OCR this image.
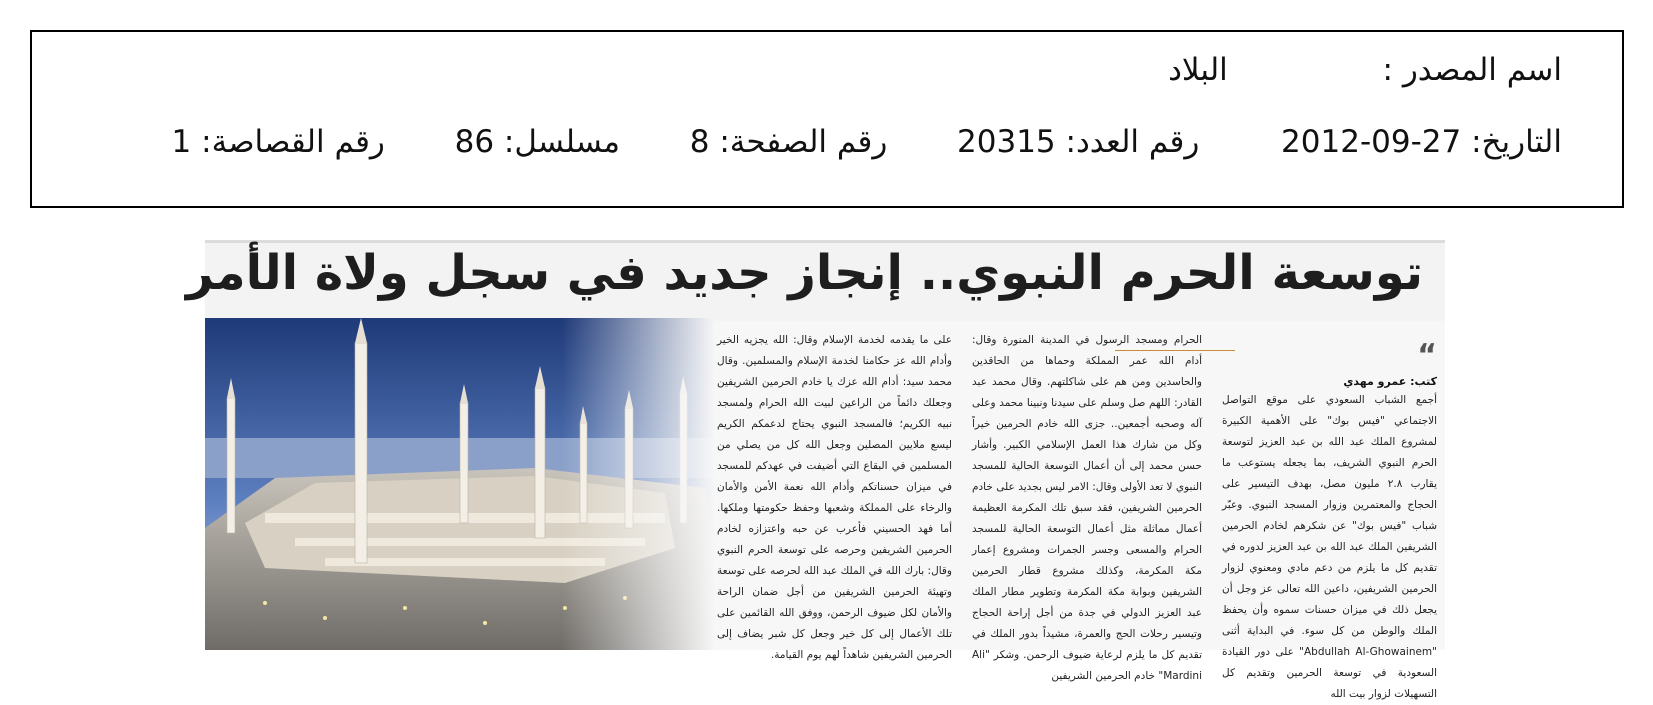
اسم المصدر :  البلاد
التاريخ: 2012-09-27  رقم العدد: 20315  رقم الصفحة: 8  مسلسل: 86  رقم القصاصة: 1
توسعة الحرم النبوي.. إنجاز جديد في سجل ولاة الأمر
“
كتب: عمرو مهدي

أجمع الشباب السعودي على موقع التواصل الاجتماعي "فيس بوك" على الأهمية الكبيرة لمشروع الملك عبد الله بن عبد العزيز لتوسعة الحرم النبوي الشريف، بما يجعله يستوعب ما يقارب ٢.٨ مليون مصل، بهدف التيسير على الحجاج والمعتمرين وزوار المسجد النبوي. وعبّر شباب "فيس بوك" عن شكرهم لخادم الحرمين الشريفين الملك عبد الله بن عبد العزيز لدوره في تقديم كل ما يلزم من دعم مادي ومعنوي لزوار الحرمين الشريفين، داعين الله تعالى عز وجل أن يجعل ذلك في ميزان حسنات سموه وأن يحفظ الملك والوطن من كل سوء. في البداية أثنى "Abdullah Al-Ghowainem" على دور القيادة السعودية في توسعة الحرمين وتقديم كل التسهيلات لزوار بيت الله

الحرام ومسجد الرسول في المدينة المنورة وقال: أدام الله عمر المملكة وحماها من الحاقدين والحاسدين ومن هم على شاكلتهم. وقال محمد عبد القادر: اللهم صل وسلم على سيدنا ونبينا محمد وعلى آله وصحبه أجمعين.. جزى الله خادم الحرمين خيراً وكل من شارك هذا العمل الإسلامي الكبير. وأشار حسن محمد إلى أن أعمال التوسعة الحالية للمسجد النبوي لا تعد الأولى وقال: الامر ليس بجديد على خادم الحرمين الشريفين، فقد سبق تلك المكرمة العظيمة أعمال مماثلة مثل أعمال التوسعة الحالية للمسجد الحرام والمسعى وجسر الجمرات ومشروع إعمار مكة المكرمة، وكذلك مشروع قطار الحرمين الشريفين وبوابة مكة المكرمة وتطوير مطار الملك عبد العزيز الدولي في جدة من أجل إراحة الحجاج وتيسير رحلات الحج والعمرة، مشيداً بدور الملك في تقديم كل ما يلزم لرعاية ضيوف الرحمن. وشكر "Ali Mardini" خادم الحرمين الشريفين

على ما يقدمه لخدمة الإسلام وقال: الله يجزيه الخير وأدام الله عز حكامنا لخدمة الإسلام والمسلمين. وقال محمد سيد: أدام الله عزك يا خادم الحرمين الشريفين وجعلك دائماً من الراعين لبيت الله الحرام ولمسجد نبيه الكريم؛ فالمسجد النبوي يحتاج لدعمكم الكريم ليسع ملايين المصلين وجعل الله كل من يصلي من المسلمين في البقاع التي أضيفت في عهدكم للمسجد في ميزان حسناتكم وأدام الله نعمة الأمن والأمان والرخاء على المملكة وشعبها وحفظ حكومتها وملكها. أما فهد الحسيني فأعرب عن حبه واعتزازه لخادم الحرمين الشريفين وحرصه على توسعة الحرم النبوي وقال: بارك الله في الملك عبد الله لحرصه على توسعة وتهيئة الحرمين الشريفين من أجل ضمان الراحة والأمان لكل ضيوف الرحمن، ووفق الله القائمين على تلك الأعمال إلى كل خير وجعل كل شبر يضاف إلى الحرمين الشريفين شاهداً لهم يوم القيامة.
